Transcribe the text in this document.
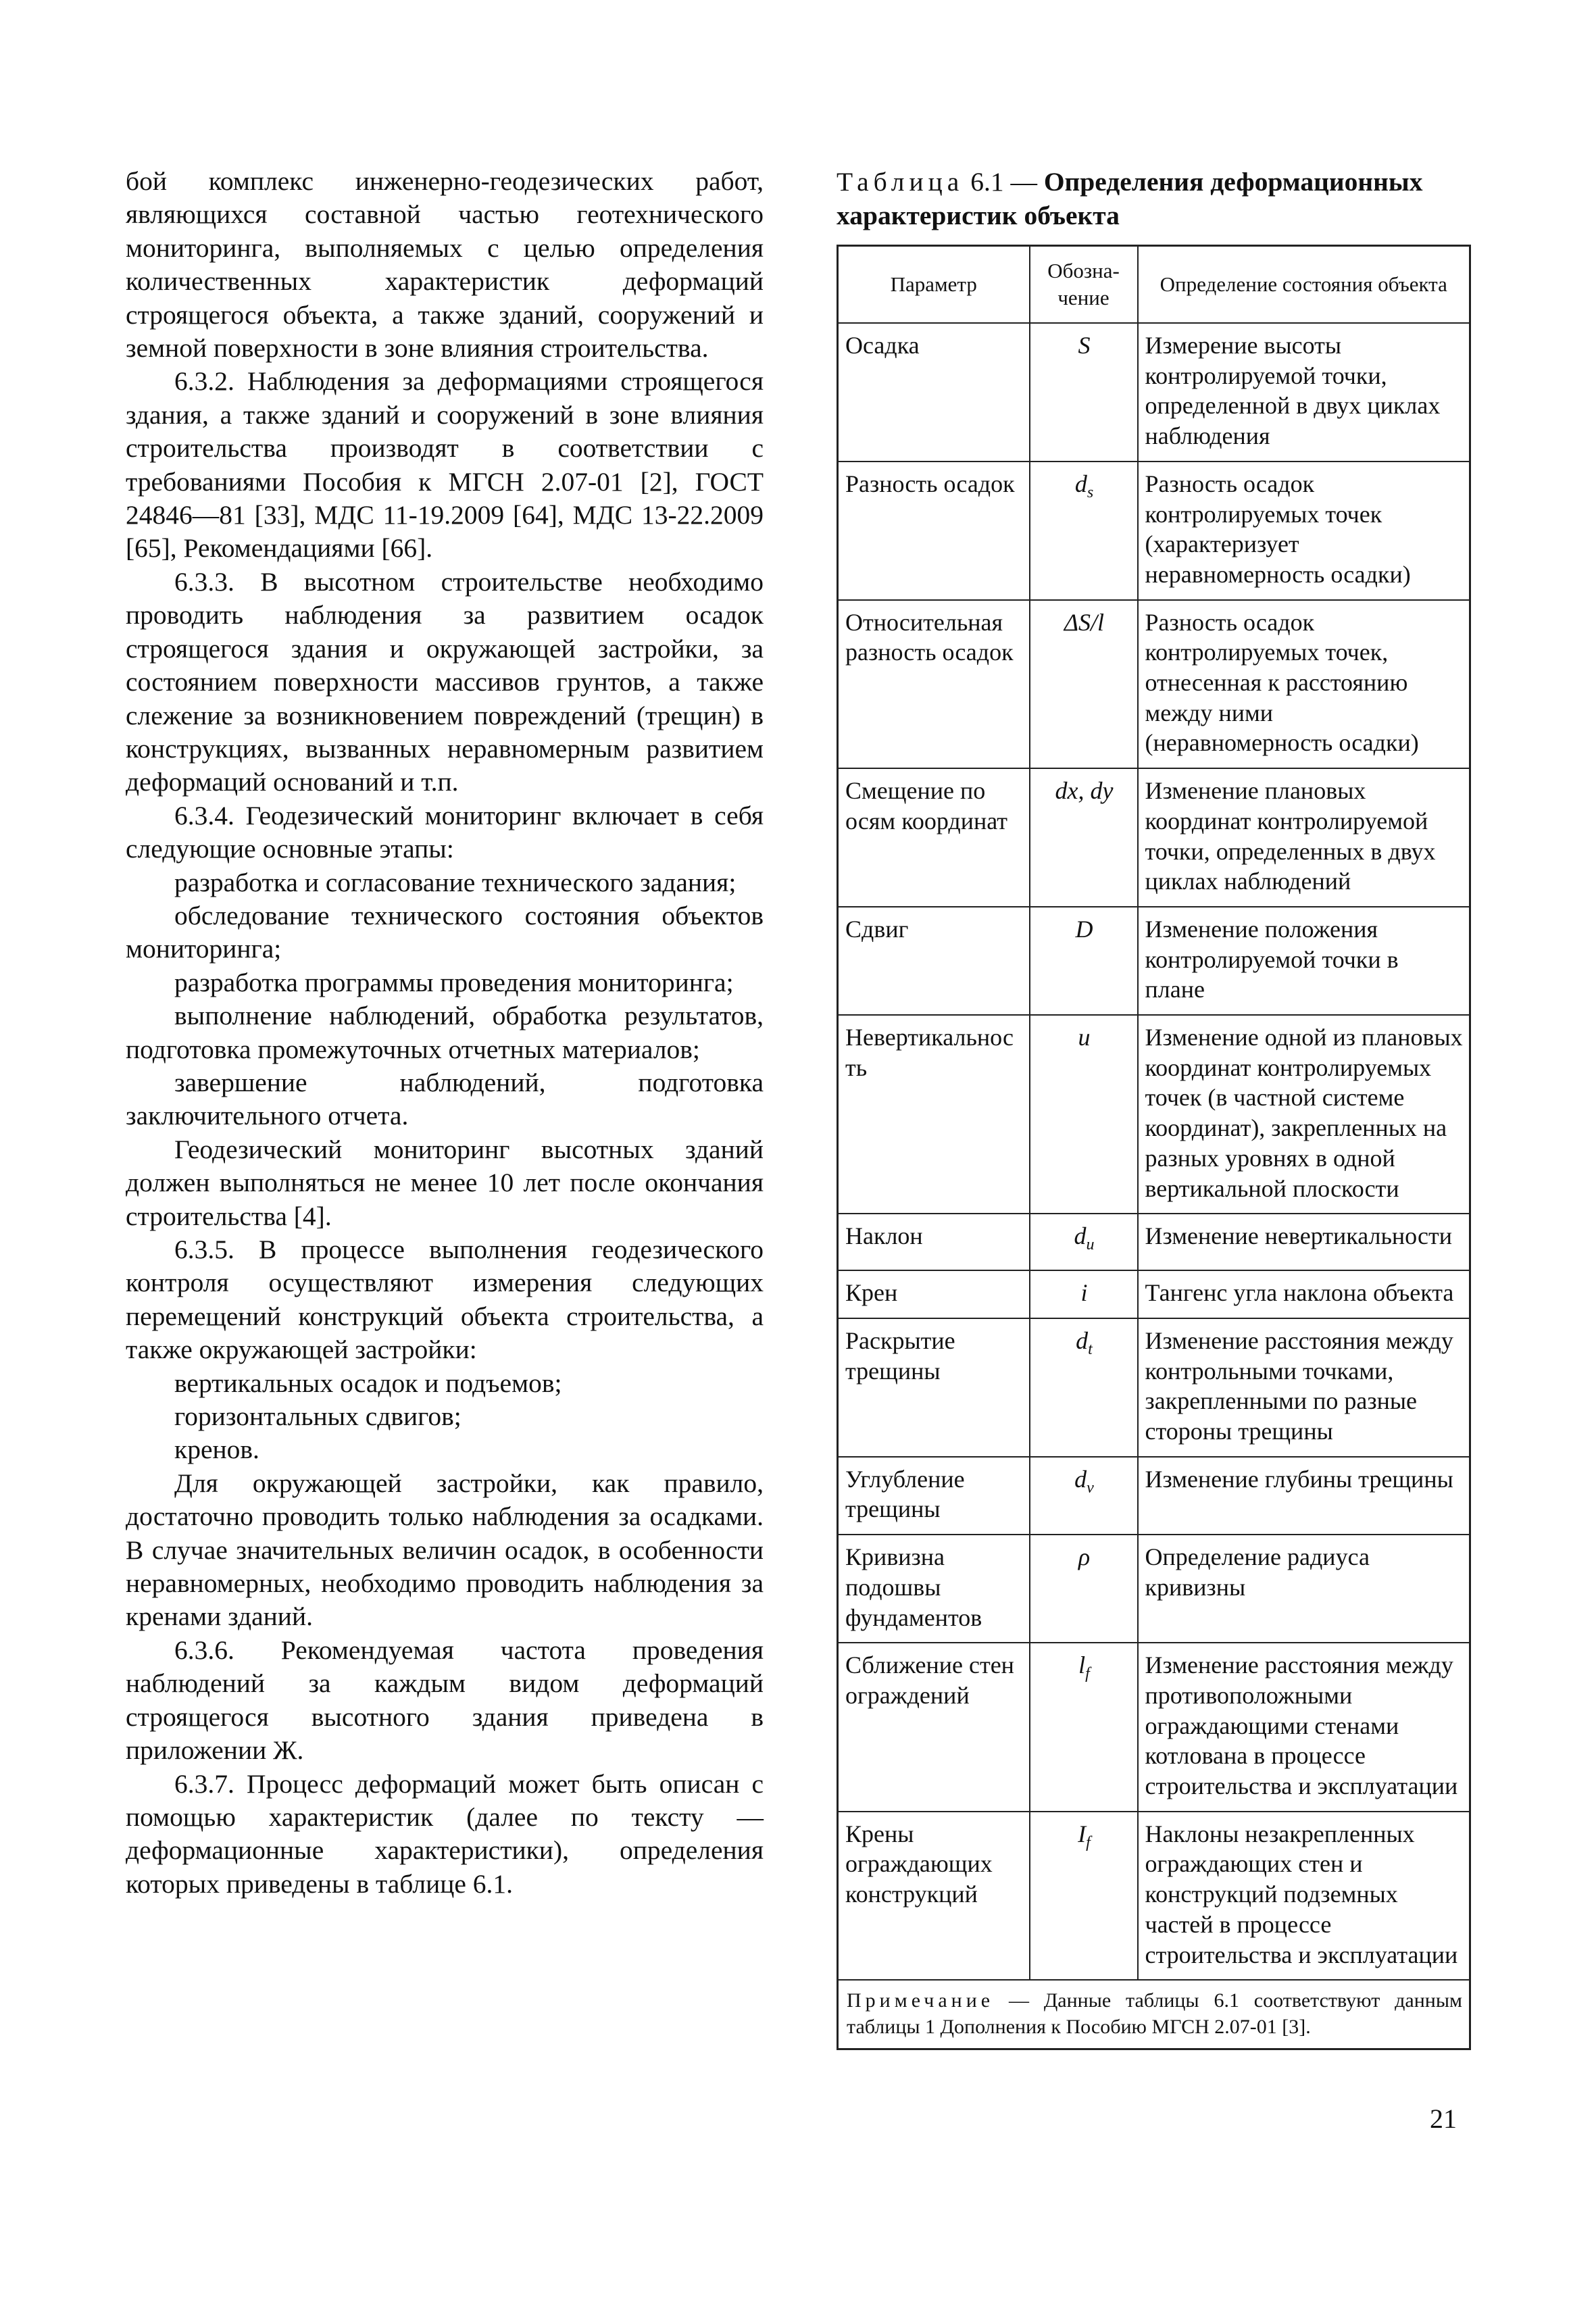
бой комплекс инженерно-геодезических работ, являющихся составной частью геотехнического мониторинга, выполняемых с целью определения количественных характеристик деформаций строящегося объекта, а также зданий, сооружений и земной поверхности в зоне влияния строительства.

6.3.2. Наблюдения за деформациями строящегося здания, а также зданий и сооружений в зоне влияния строительства производят в соответствии с требованиями Пособия к МГСН 2.07-01 [2], ГОСТ 24846—81 [33], МДС 11-19.2009 [64], МДС 13-22.2009 [65], Рекомендациями [66].

6.3.3. В высотном строительстве необходимо проводить наблюдения за развитием осадок строящегося здания и окружающей застройки, за состоянием поверхности массивов грунтов, а также слежение за возникновением повреждений (трещин) в конструкциях, вызванных неравномерным развитием деформаций оснований и т.п.

6.3.4. Геодезический мониторинг включает в себя следующие основные этапы:

разработка и согласование технического задания;

обследование технического состояния объектов мониторинга;

разработка программы проведения мониторинга;

выполнение наблюдений, обработка результатов, подготовка промежуточных отчетных материалов;

завершение наблюдений, подготовка заключительного отчета.

Геодезический мониторинг высотных зданий должен выполняться не менее 10 лет после окончания строительства [4].

6.3.5. В процессе выполнения геодезического контроля осуществляют измерения следующих перемещений конструкций объекта строительства, а также окружающей застройки:

вертикальных осадок и подъемов;

горизонтальных сдвигов;

кренов.

Для окружающей застройки, как правило, достаточно проводить только наблюдения за осадками. В случае значительных величин осадок, в особенности неравномерных, необходимо проводить наблюдения за кренами зданий.

6.3.6. Рекомендуемая частота проведения наблюдений за каждым видом деформаций строящегося высотного здания приведена в приложении Ж.

6.3.7. Процесс деформаций может быть описан с помощью характеристик (далее по тексту — деформационные характеристики), определения которых приведены в таблице 6.1.

Таблица 6.1 — Определения деформационных характеристик объекта

Параметр	Обозна-чение	Определение состояния объекта
Осадка	S	Измерение высоты контролируемой точки, определенной в двух циклах наблюдения
Разность осадок	$d_s$	Разность осадок контролируемых точек (характеризует неравномерность осадки)
Относительная разность осадок	ΔS/l	Разность осадок контролируемых точек, отнесенная к расстоянию между ними (неравномерность осадки)
Смещение по осям координат	dx, dy	Изменение плановых координат контролируемой точки, определенных в двух циклах наблюдений
Сдвиг	D	Изменение положения контролируемой точки в плане
Невертикальность	u	Изменение одной из плановых координат контролируемых точек (в частной системе координат), закрепленных на разных уровнях в одной вертикальной плоскости
Наклон	$d_u$	Изменение невертикальности
Крен	i	Тангенс угла наклона объекта
Раскрытие трещины	$d_t$	Изменение расстояния между контрольными точками, закрепленными по разные стороны трещины
Углубление трещины	$d_v$	Изменение глубины трещины
Кривизна подошвы фундаментов	ρ	Определение радиуса кривизны
Сближение стен ограждений	$l_f$	Изменение расстояния между противоположными ограждающими стенами котлована в процессе строительства и эксплуатации
Крены ограждающих конструкций	$I_f$	Наклоны незакрепленных ограждающих стен и конструкций подземных частей в процессе строительства и эксплуатации
Примечание — Данные таблицы 6.1 соответствуют данным таблицы 1 Дополнения к Пособию МГСН 2.07-01 [3].		
21
